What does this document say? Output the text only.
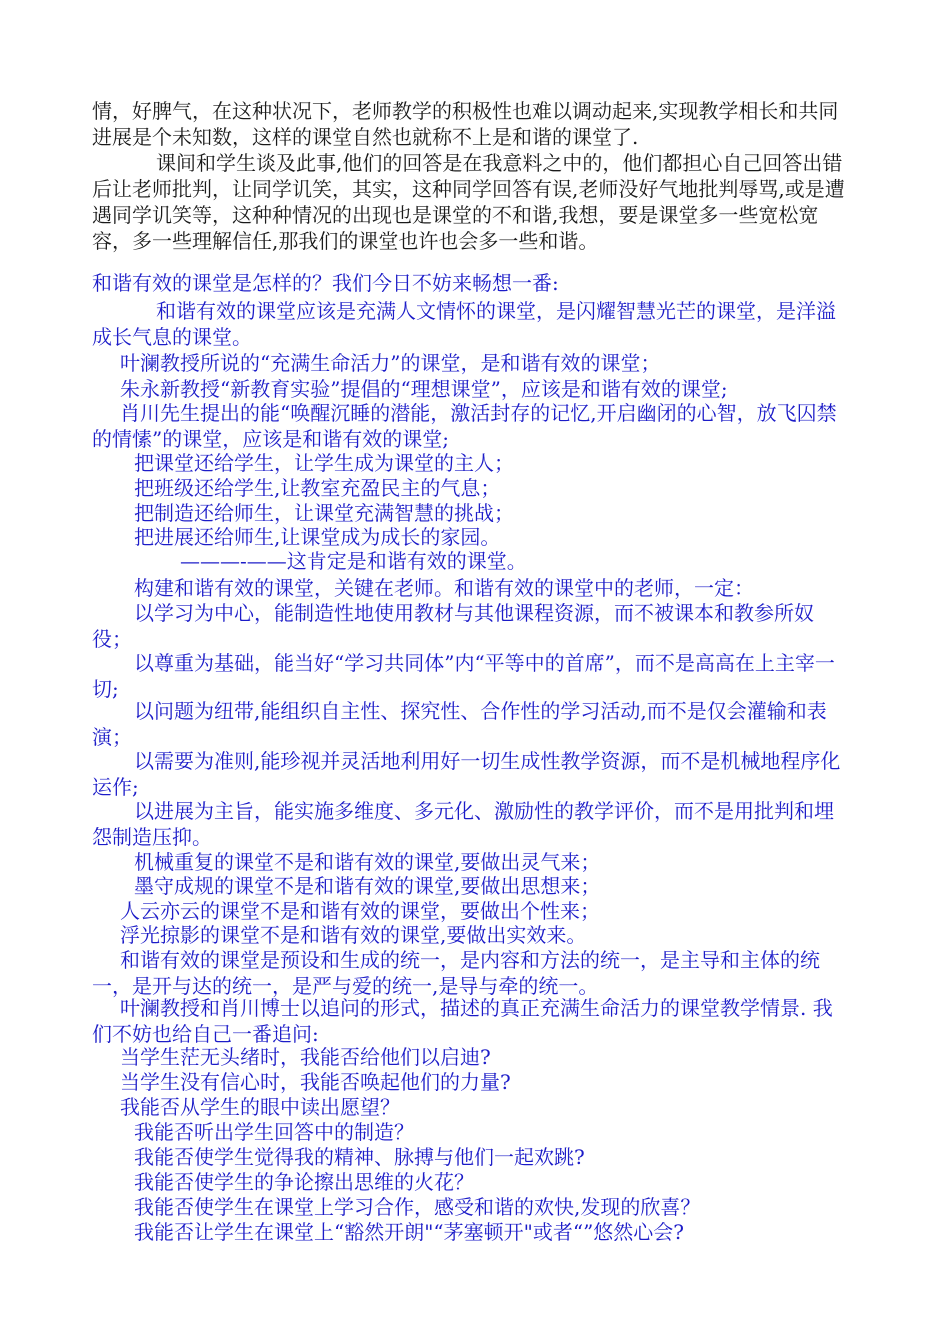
情，好脾气，在这种状况下，老师教学的积极性也难以调动起来,实现教学相长和共同进展是个未知数，这样的课堂自然也就称不上是和谐的课堂了.

课间和学生谈及此事,他们的回答是在我意料之中的，他们都担心自己回答出错后让老师批判，让同学讥笑，其实，这种同学回答有误,老师没好气地批判辱骂,或是遭遇同学讥笑等，这种种情况的出现也是课堂的不和谐,我想，要是课堂多一些宽松宽容，多一些理解信任,那我们的课堂也许也会多一些和谐。

和谐有效的课堂是怎样的？我们今日不妨来畅想一番:

和谐有效的课堂应该是充满人文情怀的课堂，是闪耀智慧光芒的课堂，是洋溢成长气息的课堂。

叶澜教授所说的“充满生命活力”的课堂，是和谐有效的课堂；

朱永新教授“新教育实验”提倡的“理想课堂”，应该是和谐有效的课堂;

肖川先生提出的能“唤醒沉睡的潜能，激活封存的记忆,开启幽闭的心智，放飞囚禁的情愫”的课堂，应该是和谐有效的课堂;

把课堂还给学生，让学生成为课堂的主人；

把班级还给学生,让教室充盈民主的气息；

把制造还给师生，让课堂充满智慧的挑战；

把进展还给师生,让课堂成为成长的家园。

———-——这肯定是和谐有效的课堂。

构建和谐有效的课堂，关键在老师。和谐有效的课堂中的老师，一定：

以学习为中心，能制造性地使用教材与其他课程资源，而不被课本和教参所奴役；

以尊重为基础，能当好“学习共同体”内“平等中的首席”，而不是高高在上主宰一切;

以问题为纽带,能组织自主性、探究性、合作性的学习活动,而不是仅会灌输和表演；

以需要为准则,能珍视并灵活地利用好一切生成性教学资源，而不是机械地程序化运作;

以进展为主旨，能实施多维度、多元化、激励性的教学评价，而不是用批判和埋怨制造压抑。

机械重复的课堂不是和谐有效的课堂,要做出灵气来；

墨守成规的课堂不是和谐有效的课堂,要做出思想来；

人云亦云的课堂不是和谐有效的课堂，要做出个性来；

浮光掠影的课堂不是和谐有效的课堂,要做出实效来。

和谐有效的课堂是预设和生成的统一，是内容和方法的统一，是主导和主体的统一，是开与达的统一，是严与爱的统一,是导与牵的统一。

叶澜教授和肖川博士以追问的形式，描述的真正充满生命活力的课堂教学情景. 我们不妨也给自己一番追问:

当学生茫无头绪时，我能否给他们以启迪?

当学生没有信心时，我能否唤起他们的力量?

我能否从学生的眼中读出愿望？

我能否听出学生回答中的制造？

我能否使学生觉得我的精神、脉搏与他们一起欢跳?

我能否使学生的争论擦出思维的火花？

我能否使学生在课堂上学习合作，感受和谐的欢快,发现的欣喜？

我能否让学生在课堂上“豁然开朗"“茅塞顿开"或者“”悠然心会?
